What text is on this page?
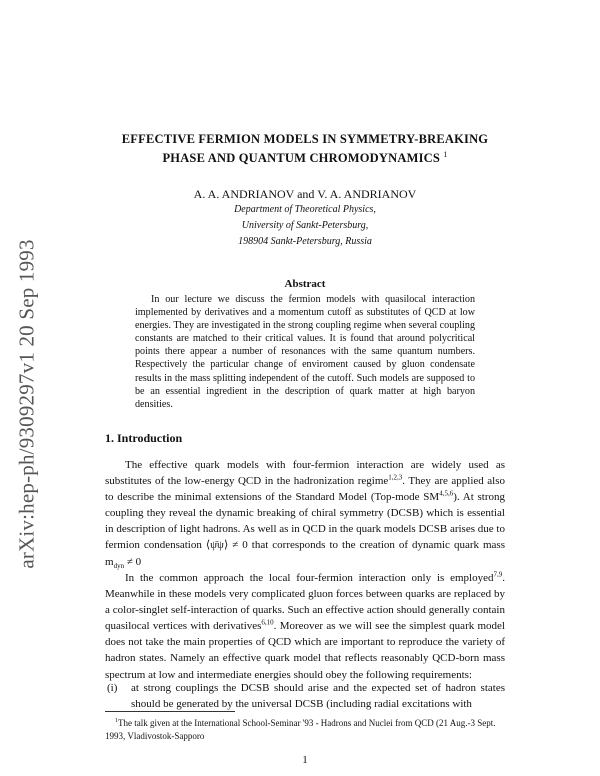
arXiv:hep-ph/9309297v1 20 Sep 1993
EFFECTIVE FERMION MODELS IN SYMMETRY-BREAKING
PHASE AND QUANTUM CHROMODYNAMICS $^1$
A. A. ANDRIANOV and V. A. ANDRIANOV
Department of Theoretical Physics,
University of Sankt-Petersburg,
198904 Sankt-Petersburg, Russia
Abstract
In our lecture we discuss the fermion models with quasilocal interaction implemented by derivatives and a momentum cutoff as substitutes of QCD at low energies. They are investigated in the strong coupling regime when several coupling constants are matched to their critical values. It is found that around polycritical points there appear a number of resonances with the same quantum numbers. Respectively the particular change of enviroment caused by gluon condensate results in the mass splitting independent of the cutoff. Such models are supposed to be an essential ingredient in the description of quark matter at high baryon densities.
1. Introduction
The effective quark models with four-fermion interaction are widely used as substitutes of the low-energy QCD in the hadronization regime$^{1,2,3}$. They are applied also to describe the minimal extensions of the Standard Model (Top-mode SM$^{4,5,6}$). At strong coupling they reveal the dynamic breaking of chiral symmetry (DCSB) which is essential in description of light hadrons. As well as in QCD in the quark models DCSB arises due to fermion condensation ⟨ψ̄ψ⟩ ≠ 0 that corresponds to the creation of dynamic quark mass $m_{dyn} \ne 0$
In the common approach the local four-fermion interaction only is employed$^{7,9}$. Meanwhile in these models very complicated gluon forces between quarks are replaced by a color-singlet self-interaction of quarks. Such an effective action should generally contain quasilocal vertices with derivatives$^{6,10}$. Moreover as we will see the simplest quark model does not take the main properties of QCD which are important to reproduce the variety of hadron states. Namely an effective quark model that reflects reasonably QCD-born mass spectrum at low and intermediate energies should obey the following requirements:
(i) at strong couplings the DCSB should arise and the expected set of hadron states should be generated by the universal DCSB (including radial excitations with
$^1$The talk given at the International School-Seminar '93 - Hadrons and Nuclei from QCD (21 Aug.-3 Sept. 1993, Vladivostok-Sapporo
1
